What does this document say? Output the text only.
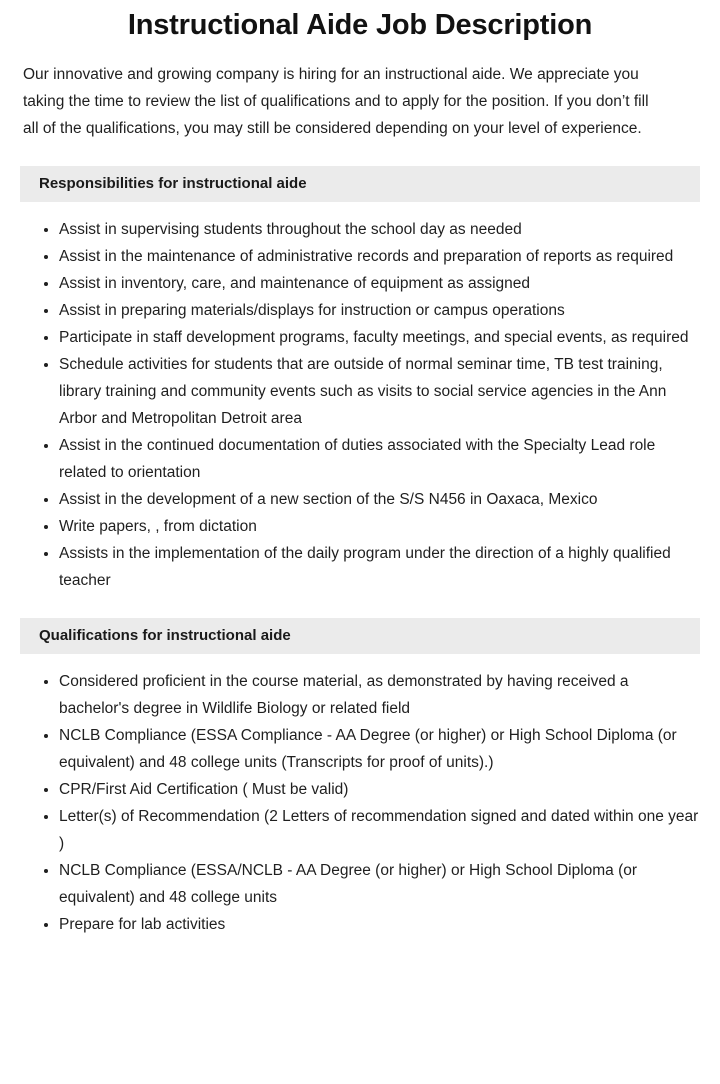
Instructional Aide Job Description

Our innovative and growing company is hiring for an instructional aide. We appreciate you taking the time to review the list of qualifications and to apply for the position. If you don’t fill all of the qualifications, you may still be considered depending on your level of experience.

Responsibilities for instructional aide
Assist in supervising students throughout the school day as needed
Assist in the maintenance of administrative records and preparation of reports as required
Assist in inventory, care, and maintenance of equipment as assigned
Assist in preparing materials/displays for instruction or campus operations
Participate in staff development programs, faculty meetings, and special events, as required
Schedule activities for students that are outside of normal seminar time, TB test training, library training and community events such as visits to social service agencies in the Ann Arbor and Metropolitan Detroit area
Assist in the continued documentation of duties associated with the Specialty Lead role related to orientation
Assist in the development of a new section of the S/S N456 in Oaxaca, Mexico
Write papers, , from dictation
Assists in the implementation of the daily program under the direction of a highly qualified teacher
Qualifications for instructional aide
Considered proficient in the course material, as demonstrated by having received a bachelor's degree in Wildlife Biology or related field
NCLB Compliance (ESSA Compliance - AA Degree (or higher) or High School Diploma (or equivalent) and 48 college units (Transcripts for proof of units).)
CPR/First Aid Certification ( Must be valid)
Letter(s) of Recommendation (2 Letters of recommendation signed and dated within one year )
NCLB Compliance (ESSA/NCLB - AA Degree (or higher) or High School Diploma (or equivalent) and 48 college units
Prepare for lab activities
